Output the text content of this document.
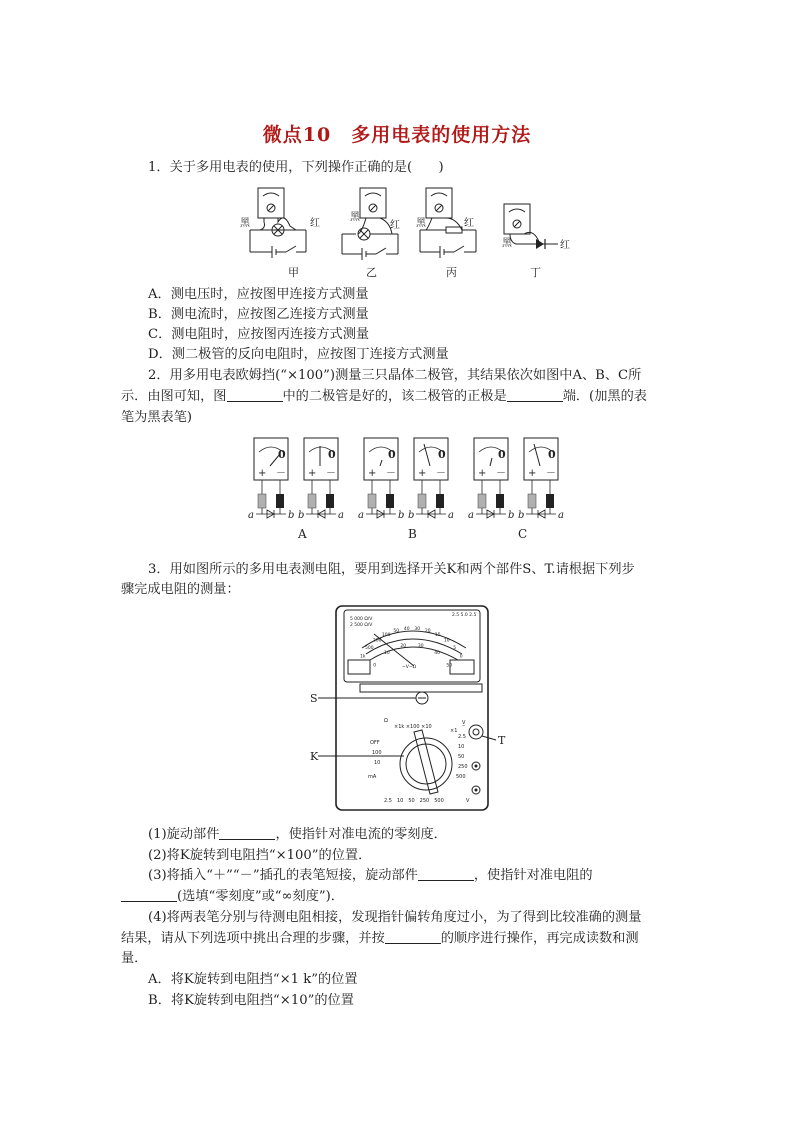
微点10　多用电表的使用方法
1．关于多用电表的使用，下列操作正确的是(　　)
黑	红
黑
红 黑	红
黑	红
甲	乙	丙	丁
A．测电压时，应按图甲连接方式测量
B．测电流时，应按图乙连接方式测量
C．测电阻时，应按图丙连接方式测量
D．测二极管的反向电阻时，应按图丁连接方式测量
2．用多用电表欧姆挡(“×100”)测量三只晶体二极管，其结果依次如图中A、B、C所
示．由图可知，图	中的二极管是好的，该二极管的正极是	端．(加黑的表
笔为黑表笔)
0
+ －
a	b
0
+ －
b	a
0
+ －
a	b
0
+ －
b	a
0
+ －
a	b
0
+ －
b	a
A	B	C
3．用如图所示的多用电表测电阻，要用到选择开关K和两个部件S、T.请根据下列步
骤完成电阻的测量：
5 000 Ω/V
2 500 Ω/V
2.5 5.0 2.5
∽V−Ω
1k
500
200
100
50 40 30 20
15
10
5
0
0
10
20	30
40
50
Ω
×1k ×100 ×10
×1
V̲
OFF
100
10
2.5
10
50
250
500
mA
2.5　10　50　250　500	V
S
K
T
(1)旋动部件	，使指针对准电流的零刻度．
(2)将K旋转到电阻挡“×100”的位置．
(3)将插入“＋”“－”插孔的表笔短接，旋动部件	，使指针对准电阻的
(选填“零刻度”或“∞刻度”)．
(4)将两表笔分别与待测电阻相接，发现指针偏转角度过小，为了得到比较准确的测量
结果，请从下列选项中挑出合理的步骤，并按	的顺序进行操作，再完成读数和测
量．
A．将K旋转到电阻挡“×1 k”的位置
B．将K旋转到电阻挡“×10”的位置
